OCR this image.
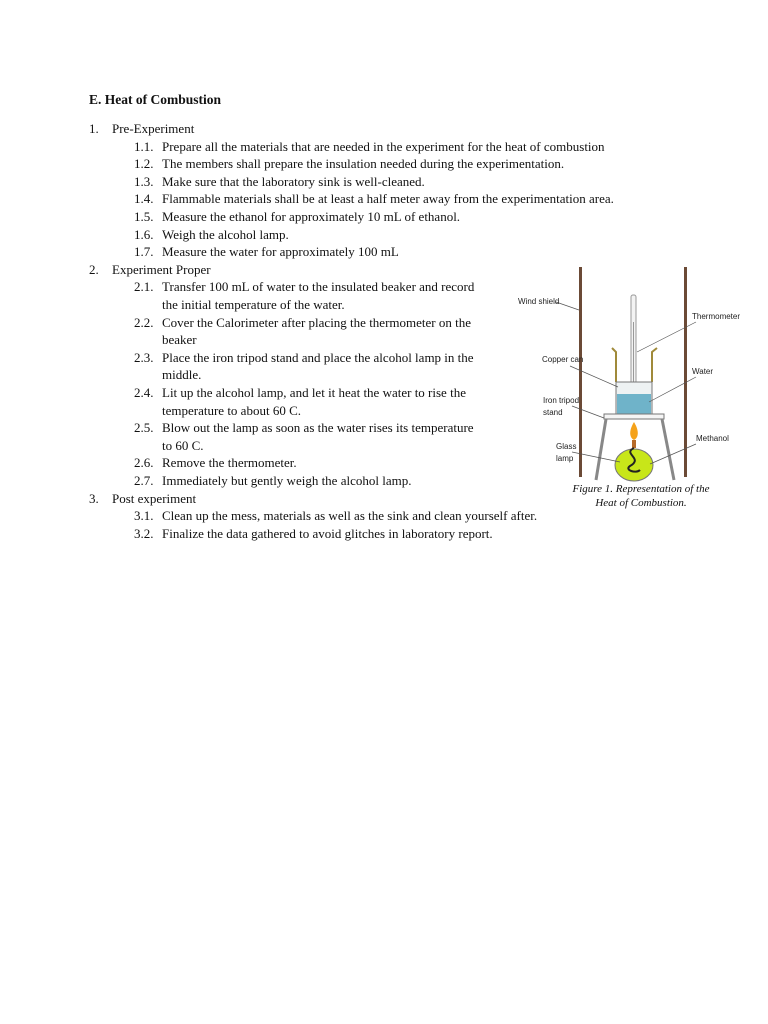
E. Heat of Combustion
1. Pre-Experiment
1.1. Prepare all the materials that are needed in the experiment for the heat of combustion
1.2. The members shall prepare the insulation needed during the experimentation.
1.3. Make sure that the laboratory sink is well-cleaned.
1.4. Flammable materials shall be at least a half meter away from the experimentation area.
1.5. Measure the ethanol for approximately 10 mL of ethanol.
1.6. Weigh the alcohol lamp.
1.7. Measure the water for approximately 100 mL
2. Experiment Proper
2.1. Transfer 100 mL of water to the insulated beaker and record
the initial temperature of the water.
2.2. Cover the Calorimeter after placing the thermometer on the
beaker
2.3. Place the iron tripod stand and place the alcohol lamp in the
middle.
2.4. Lit up the alcohol lamp, and let it heat the water to rise the
temperature to about 60 C.
2.5. Blow out the lamp as soon as the water rises its temperature
to 60 C.
2.6. Remove the thermometer.
2.7. Immediately but gently weigh the alcohol lamp.
3. Post experiment
3.1. Clean up the mess, materials as well as the sink and clean yourself after.
3.2. Finalize the data gathered to avoid glitches in laboratory report.
Wind shield
Thermometer
Copper can
Water
Iron tripod
stand
Glass
lamp
Methanol
Figure 1. Representation of the
Heat of Combustion.
